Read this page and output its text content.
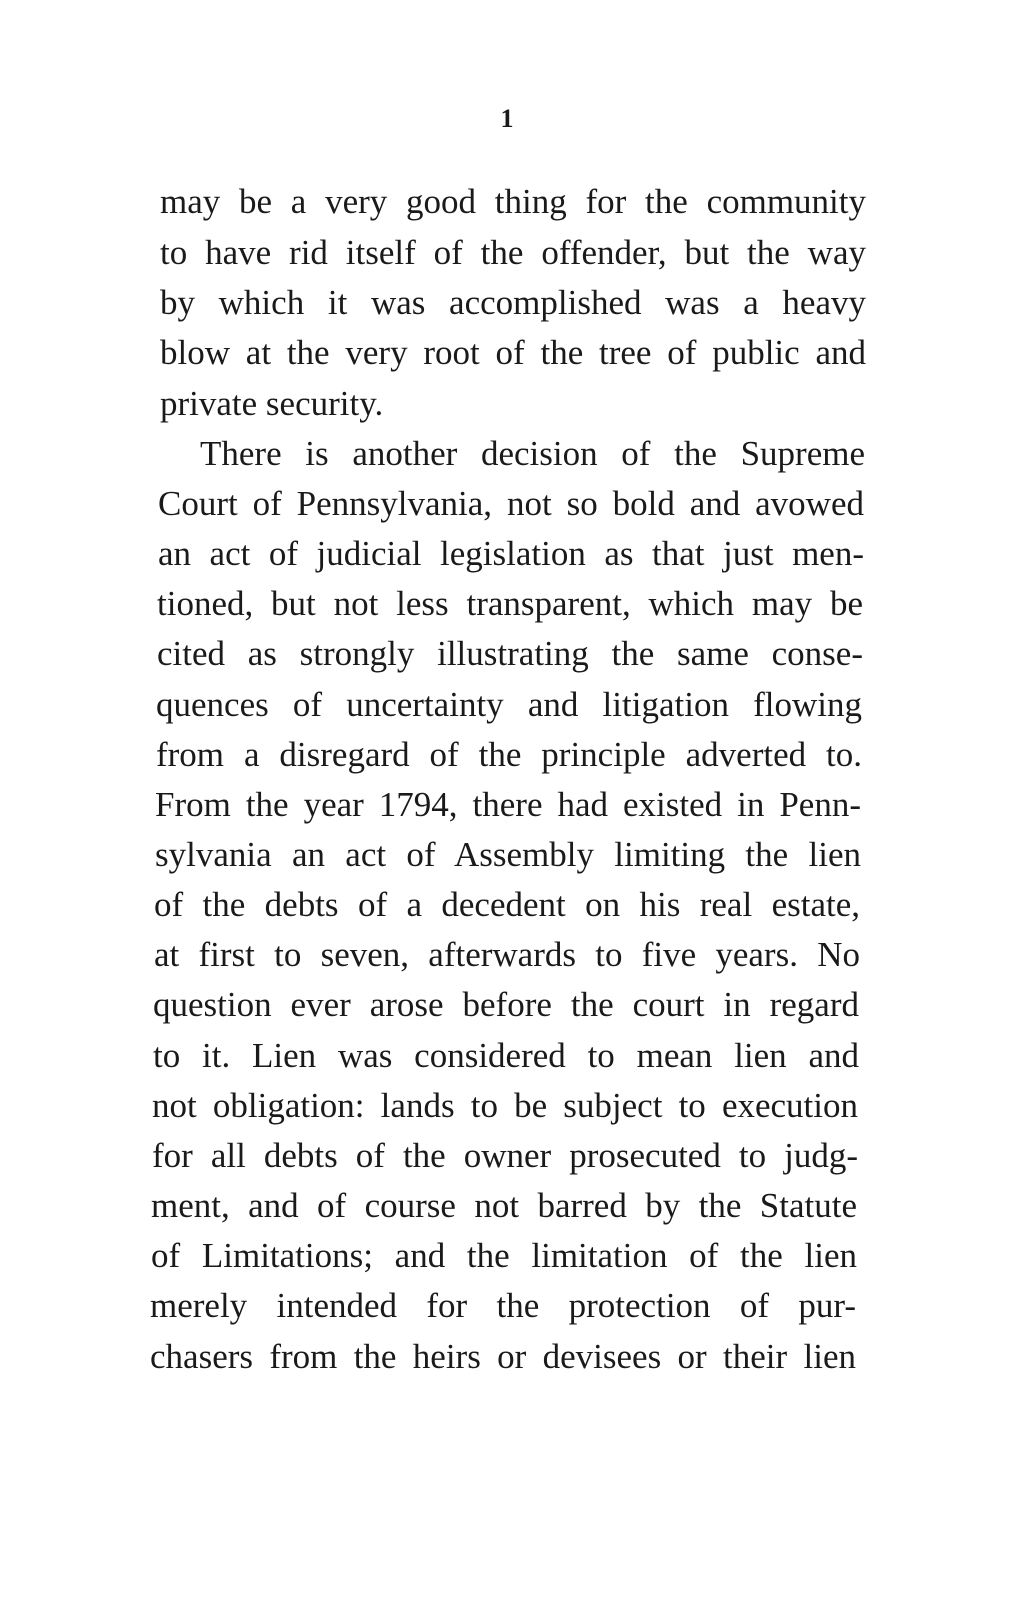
1
may be a very good thing for the community
to have rid itself of the offender, but the way
by which it was accomplished was a heavy
blow at the very root of the tree of public and
private security.
There is another decision of the Supreme
Court of Pennsylvania, not so bold and avowed
an act of judicial legislation as that just men-
tioned, but not less transparent, which may be
cited as strongly illustrating the same conse-
quences of uncertainty and litigation flowing
from a disregard of the principle adverted to.
From the year 1794, there had existed in Penn-
sylvania an act of Assembly limiting the lien
of the debts of a decedent on his real estate,
at first to seven, afterwards to five years. No
question ever arose before the court in regard
to it. Lien was considered to mean lien and
not obligation: lands to be subject to execution
for all debts of the owner prosecuted to judg-
ment, and of course not barred by the Statute
of Limitations; and the limitation of the lien
merely intended for the protection of pur-
chasers from the heirs or devisees or their lien
